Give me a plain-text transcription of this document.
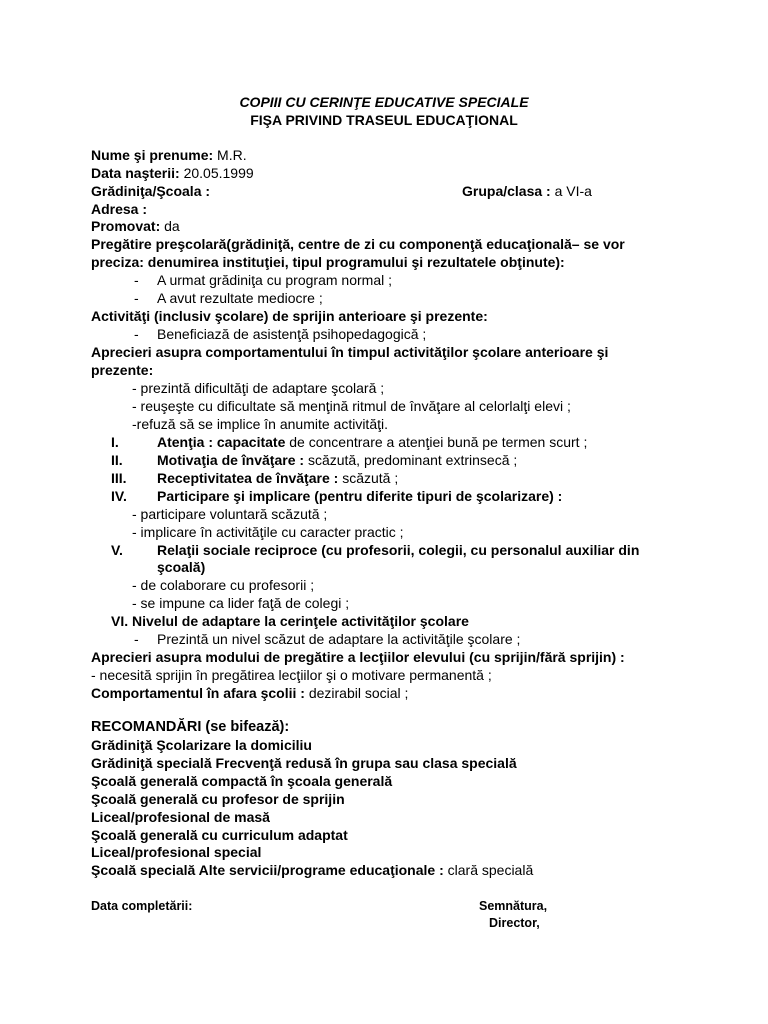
COPIII CU CERINŢE EDUCATIVE SPECIALE
FIŞA PRIVIND TRASEUL EDUCAŢIONAL
Nume şi prenume: M.R.
Data naşterii: 20.05.1999
Grădiniţa/Şcoala :	Grupa/clasa : a VI-a
Adresa :
Promovat: da
Pregătire preşcolară(grădiniţă, centre de zi cu componenţă educaţională– se vor
preciza: denumirea instituţiei, tipul programului şi rezultatele obţinute):
- A urmat grădiniţa cu program normal ;
- A avut rezultate mediocre ;
Activităţi (inclusiv şcolare) de sprijin anterioare şi prezente:
- Beneficiază de asistenţă psihopedagogică ;
Aprecieri asupra comportamentului în timpul activităţilor şcolare anterioare şi
prezente:
- prezintă dificultăţi de adaptare şcolară ;
- reuşeşte cu dificultate să menţină ritmul de învăţare al celorlalţi elevi ;
-refuză să se implice în anumite activităţi.
I.	Atenţia : capacitate de concentrare a atenţiei bună pe termen scurt ;
II. Motivaţia de învăţare : scăzută, predominant extrinsecă ;
III. Receptivitatea de învăţare : scăzută ;
IV. Participare şi implicare (pentru diferite tipuri de şcolarizare) :
- participare voluntară scăzută ;
- implicare în activităţile cu caracter practic ;
V. Relaţii sociale reciproce (cu profesorii, colegii, cu personalul auxiliar din
şcoală)
- de colaborare cu profesorii ;
- se impune ca lider faţă de colegi ;
VI. Nivelul de adaptare la cerinţele activităţilor şcolare
- Prezintă un nivel scăzut de adaptare la activităţile şcolare ;
Aprecieri asupra modului de pregătire a lecţiilor elevului (cu sprijin/fără sprijin) :
- necesită sprijin în pregătirea lecţiilor şi o motivare permanentă ;
Comportamentul în afara şcolii : dezirabil social ;
RECOMANDĂRI (se bifează):
Grădiniţă Şcolarizare la domiciliu
Grădiniţă specială Frecvenţă redusă în grupa sau clasa specială
Şcoală generală compactă în şcoala generală
Şcoală generală cu profesor de sprijin
Liceal/profesional de masă
Şcoală generală cu curriculum adaptat
Liceal/profesional special
Şcoală specială Alte servicii/programe educaţionale : clară specială
Data completării:	Semnătura,
Director,
